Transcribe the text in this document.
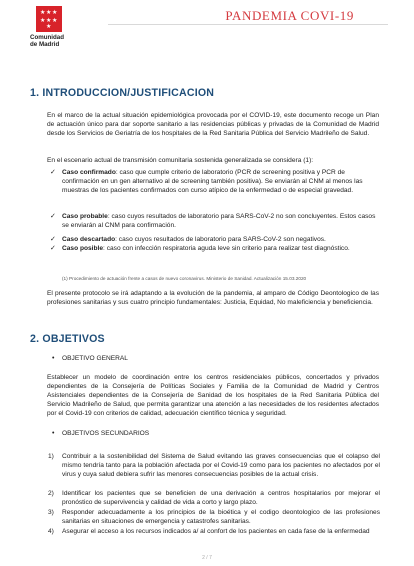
★ ★ ★
★ ★ ★
★
Comunidad
de Madrid
PANDEMIA COVI-19
1. INTRODUCCION/JUSTIFICACION
En el marco de la actual situación epidemiológica provocada por el COVID-19, este documento recoge un Plan de actuación único para dar soporte sanitario a las residencias públicas y privadas de la Comunidad de Madrid desde los Servicios de Geriatría de los hospitales de la Red Sanitaria Pública del Servicio Madrileño de Salud.
En el escenario actual de transmisión comunitaria sostenida generalizada se considera (1):
✓ Caso confirmado: caso que cumple criterio de laboratorio (PCR de screening positiva y PCR de confirmación en un gen alternativo al de screening también positiva). Se enviarán al CNM al menos las muestras de los pacientes confirmados con curso atípico de la enfermedad o de especial gravedad.
✓ Caso probable: caso cuyos resultados de laboratorio para SARS-CoV-2 no son concluyentes. Estos casos se enviarán al CNM para confirmación.
✓ Caso descartado: caso cuyos resultados de laboratorio para SARS-CoV-2 son negativos.
✓ Caso posible: caso con infección respiratoria aguda leve sin criterio para realizar test diagnóstico.
(1) Procedimiento de actuación frente a casos de nuevo coronavirus. Ministerio de Sanidad. Actualización 15.03.2020
El presente protocolo se irá adaptando a la evolución de la pandemia, al amparo de Código Deontologico de las profesiones sanitarias y sus cuatro principio fundamentales: Justicia, Equidad, No maleficiencia y beneficiencia.
2. OBJETIVOS
• OBJETIVO GENERAL
Establecer un modelo de coordinación entre los centros residenciales públicos, concertados y privados dependientes de la Consejería de Políticas Sociales y Familia de la Comunidad de Madrid y Centros Asistenciales dependientes de la Consejería de Sanidad de los hospitales de la Red Sanitaria Pública del Servicio Madrileño de Salud, que permita garantizar una atención a las necesidades de los residentes afectados por el Covid-19 con criterios de calidad, adecuación científico técnica y seguridad.
• OBJETIVOS SECUNDARIOS
1) Contribuir a la sostenibilidad del Sistema de Salud evitando las graves consecuencias que el colapso del mismo tendría tanto para la población afectada por el Covid-19 como para los pacientes no afectados por el virus y cuya salud debiera sufrir las menores consecuencias posibles de la actual crisis.
2) Identificar los pacientes que se beneficien de una derivación a centros hospitalarios por mejorar el pronóstico de supervivencia y calidad de vida a corto y largo plazo.
3) Responder adecuadamente a los principios de la bioética y el codigo deontologico de las profesiones sanitarias en situaciones de emergencia y catastrofes sanitarias.
4) Asegurar el acceso a los recursos indicados a/ al confort de los pacientes en cada fase de la enfermedad
2 / 7
